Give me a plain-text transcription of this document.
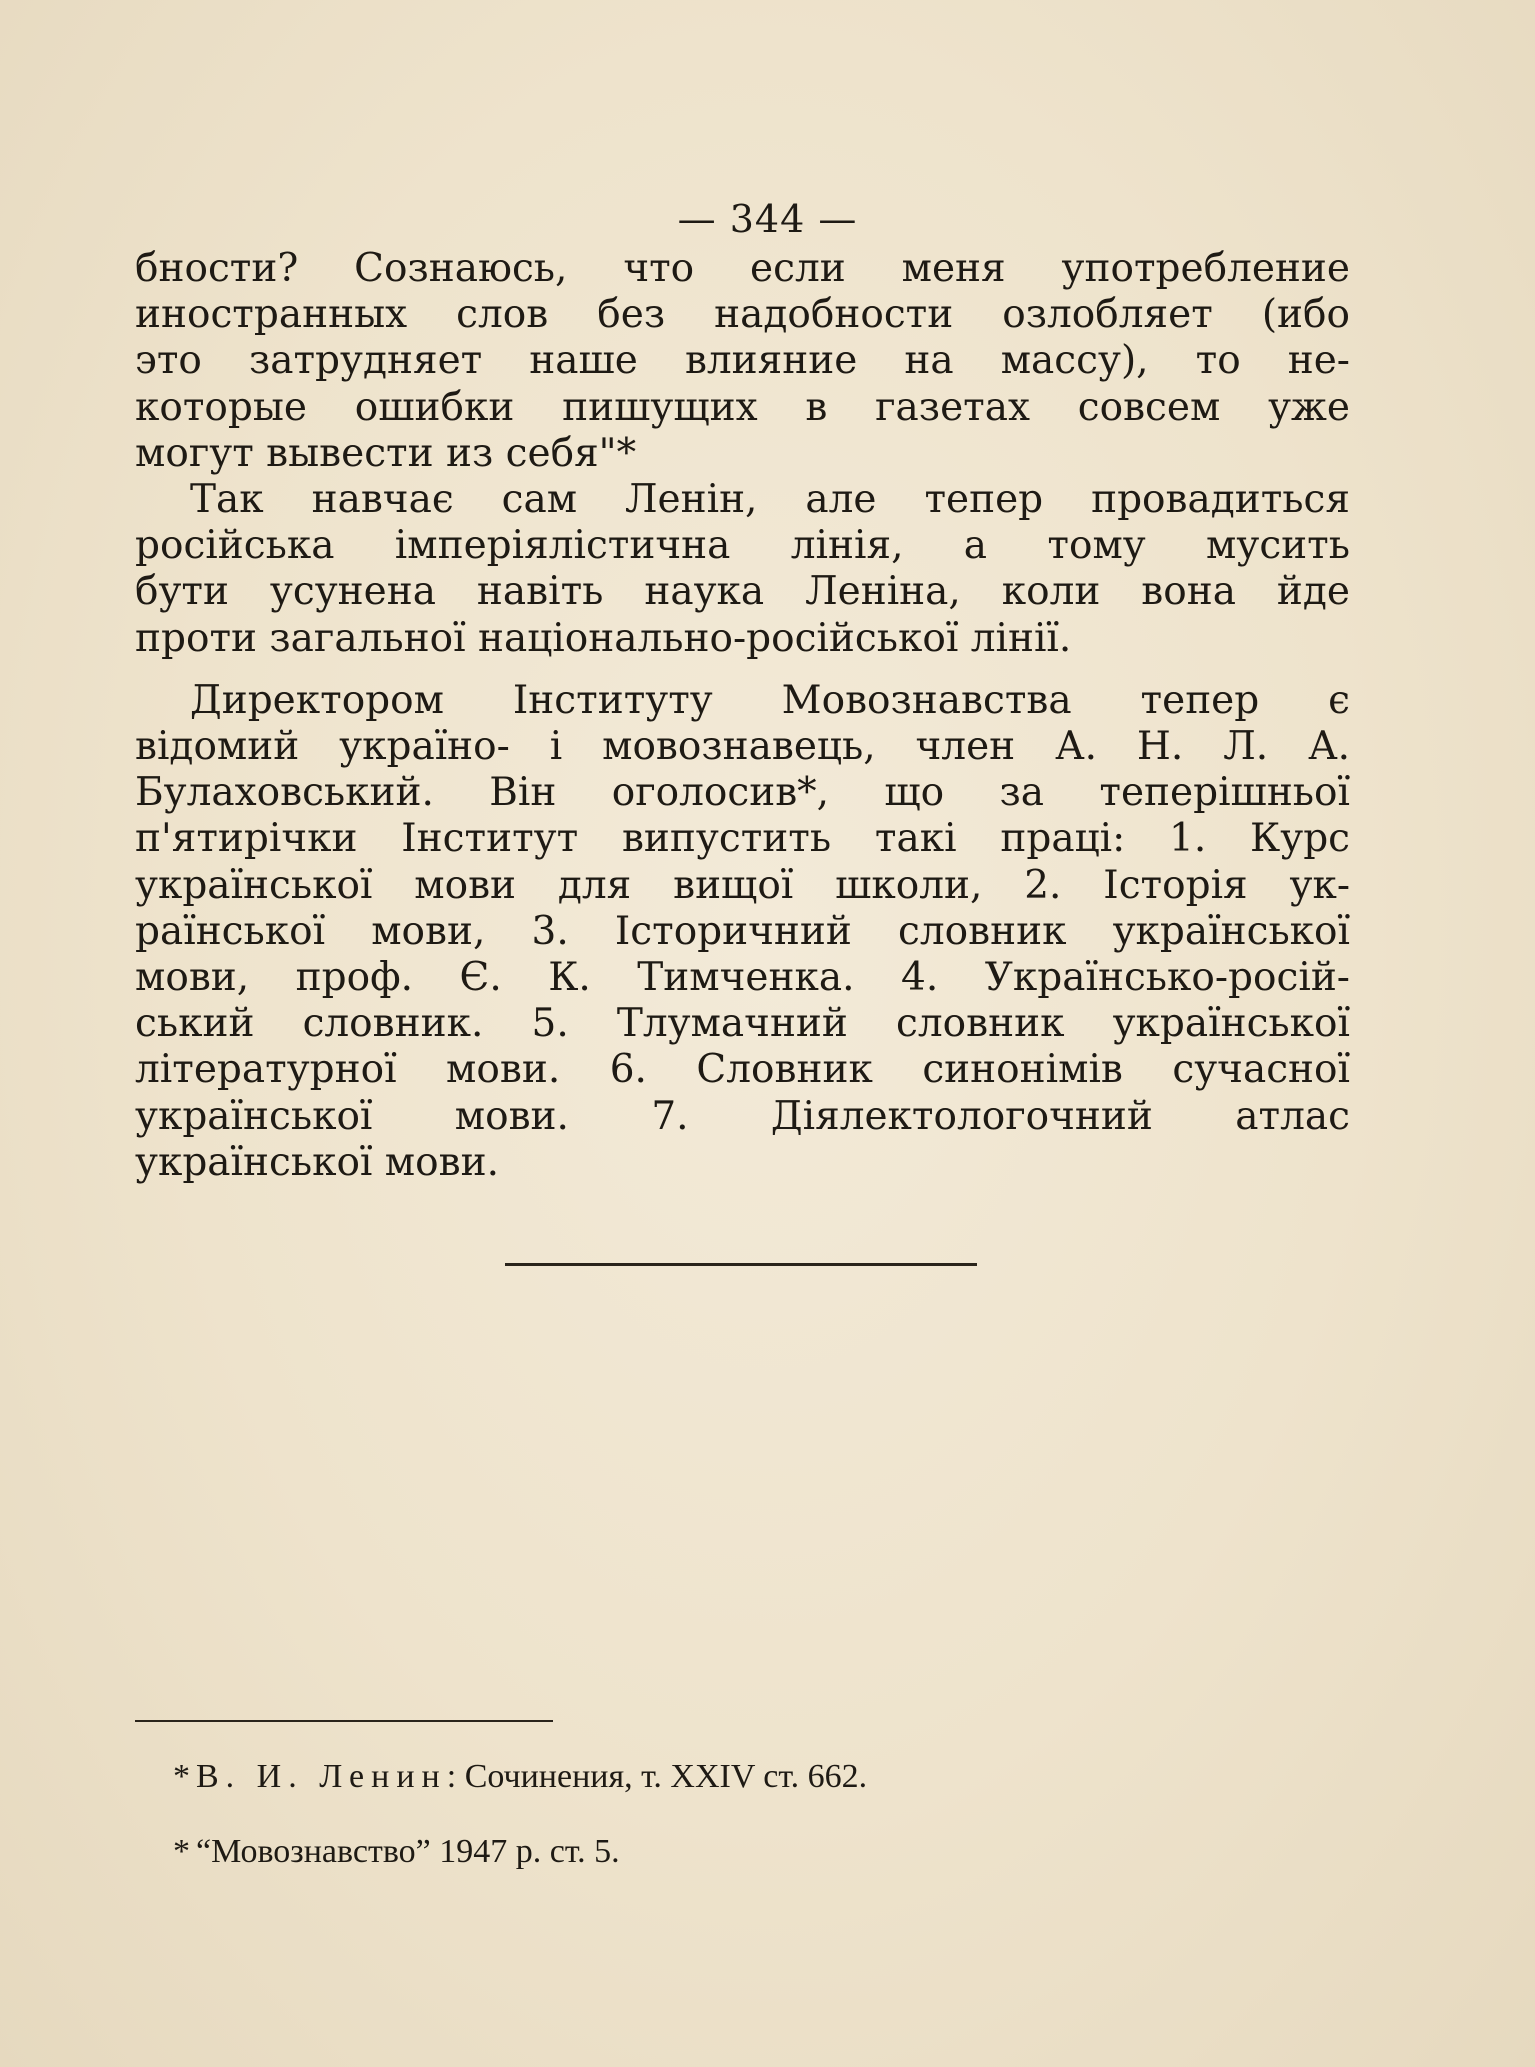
— 344 —

бности? Сознаюсь, что если меня употребление
иностранных слов без надобности озлобляет (ибо
это затрудняет наше влияние на массу), то не-
которые ошибки пишущих в газетах совсем уже
могут вывести из себя"*

Так навчає сам Ленін, але тепер провадиться
російська імперіялістична лінія, а тому мусить
бути усунена навіть наука Леніна, коли вона йде
проти загальної національно-російської лінії.

Директором Інституту Мовознавства тепер є
відомий україно- і мовознавець, член А. Н. Л. А.
Булаховський. Він оголосив*, що за теперішньої
п'ятирічки Інститут випустить такі праці: 1. Курс
української мови для вищої школи, 2. Історія ук-
раїнської мови, 3. Історичний словник української
мови, проф. Є. К. Тимченка. 4. Українсько-росій-
ський словник. 5. Тлумачний словник української
літературної мови. 6. Словник синонімів сучасної
української мови. 7. Діялектологочний атлас
української мови.

* В. И. Ленин: Сочинения, т. XXIV ст. 662.
* “Мовознавство” 1947 р. ст. 5.
